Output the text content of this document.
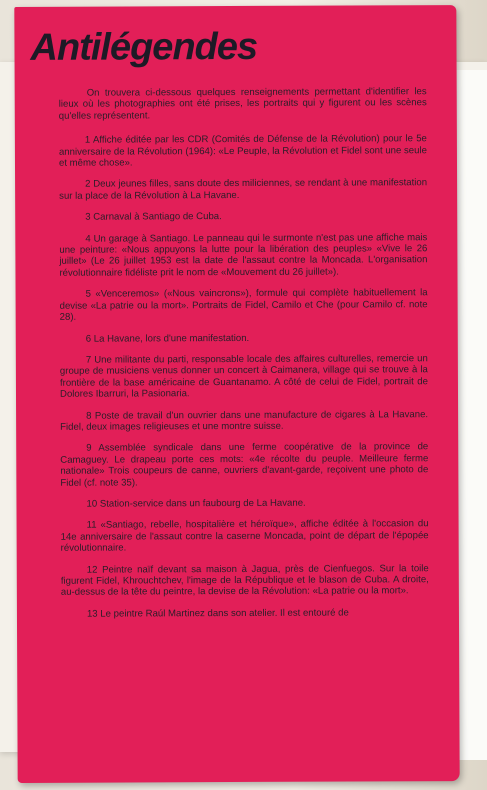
Antilégendes

On trouvera ci-dessous quelques renseignements permettant d'identifier les lieux où les photographies ont été prises, les portraits qui y figurent ou les scènes qu'elles représentent.

1 Affiche éditée par les CDR (Comités de Défense de la Révolution) pour le 5e anniversaire de la Révolution (1964): «Le Peuple, la Révolution et Fidel sont une seule et même chose».

2 Deux jeunes filles, sans doute des miliciennes, se rendant à une manifestation sur la place de la Révolution à La Havane.

3 Carnaval à Santiago de Cuba.

4 Un garage à Santiago. Le panneau qui le surmonte n'est pas une affiche mais une peinture: «Nous appuyons la lutte pour la libération des peuples» «Vive le 26 juillet» (Le 26 juillet 1953 est la date de l'assaut contre la Moncada. L'organisation révolutionnaire fidéliste prit le nom de «Mouvement du 26 juillet»).

5 «Venceremos» («Nous vaincrons»), formule qui complète habituellement la devise «La patrie ou la mort». Portraits de Fidel, Camilo et Che (pour Camilo cf. note 28).

6 La Havane, lors d'une manifestation.

7 Une militante du parti, responsable locale des affaires culturelles, remercie un groupe de musiciens venus donner un concert à Caimanera, village qui se trouve à la frontière de la base américaine de Guantanamo. A côté de celui de Fidel, portrait de Dolores Ibarruri, la Pasionaria.

8 Poste de travail d'un ouvrier dans une manufacture de cigares à La Havane. Fidel, deux images religieuses et une montre suisse.

9 Assemblée syndicale dans une ferme coopérative de la province de Camaguey. Le drapeau porte ces mots: «4e récolte du peuple. Meilleure ferme nationale» Trois coupeurs de canne, ouvriers d'avant-garde, reçoivent une photo de Fidel (cf. note 35).

10 Station-service dans un faubourg de La Havane.

11 «Santiago, rebelle, hospitalière et héroïque», affiche éditée à l'occasion du 14e anniversaire de l'assaut contre la caserne Moncada, point de départ de l'épopée révolutionnaire.

12 Peintre naïf devant sa maison à Jagua, près de Cienfuegos. Sur la toile figurent Fidel, Khrouchtchev, l'image de la République et le blason de Cuba. A droite, au-dessus de la tête du peintre, la devise de la Révolution: «La patrie ou la mort».

13 Le peintre Raúl Martinez dans son atelier. Il est entouré de
